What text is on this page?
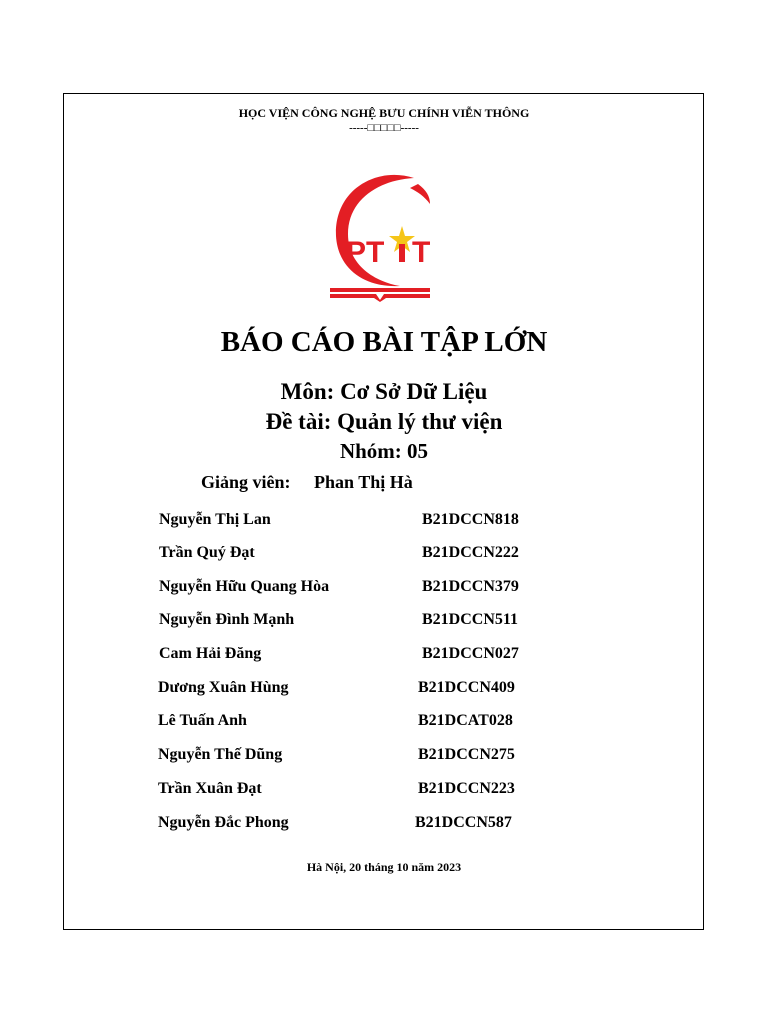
HỌC VIỆN CÔNG NGHỆ BƯU CHÍNH VIỄN THÔNG
-----□□□□□-----
PT T
BÁO CÁO BÀI TẬP LỚN
Môn: Cơ Sở Dữ Liệu
Đề tài: Quản lý thư viện
Nhóm: 05
Giảng viên: Phan Thị Hà
Nguyễn Thị Lan	B21DCCN818
Trần Quý Đạt	B21DCCN222
Nguyễn Hữu Quang Hòa	B21DCCN379
Nguyễn Đình Mạnh	B21DCCN511
Cam Hải Đăng	B21DCCN027
Dương Xuân Hùng	B21DCCN409
Lê Tuấn Anh	B21DCAT028
Nguyễn Thế Dũng	B21DCCN275
Trần Xuân Đạt	B21DCCN223
Nguyễn Đắc Phong	B21DCCN587
Hà Nội, 20 tháng 10 năm 2023
